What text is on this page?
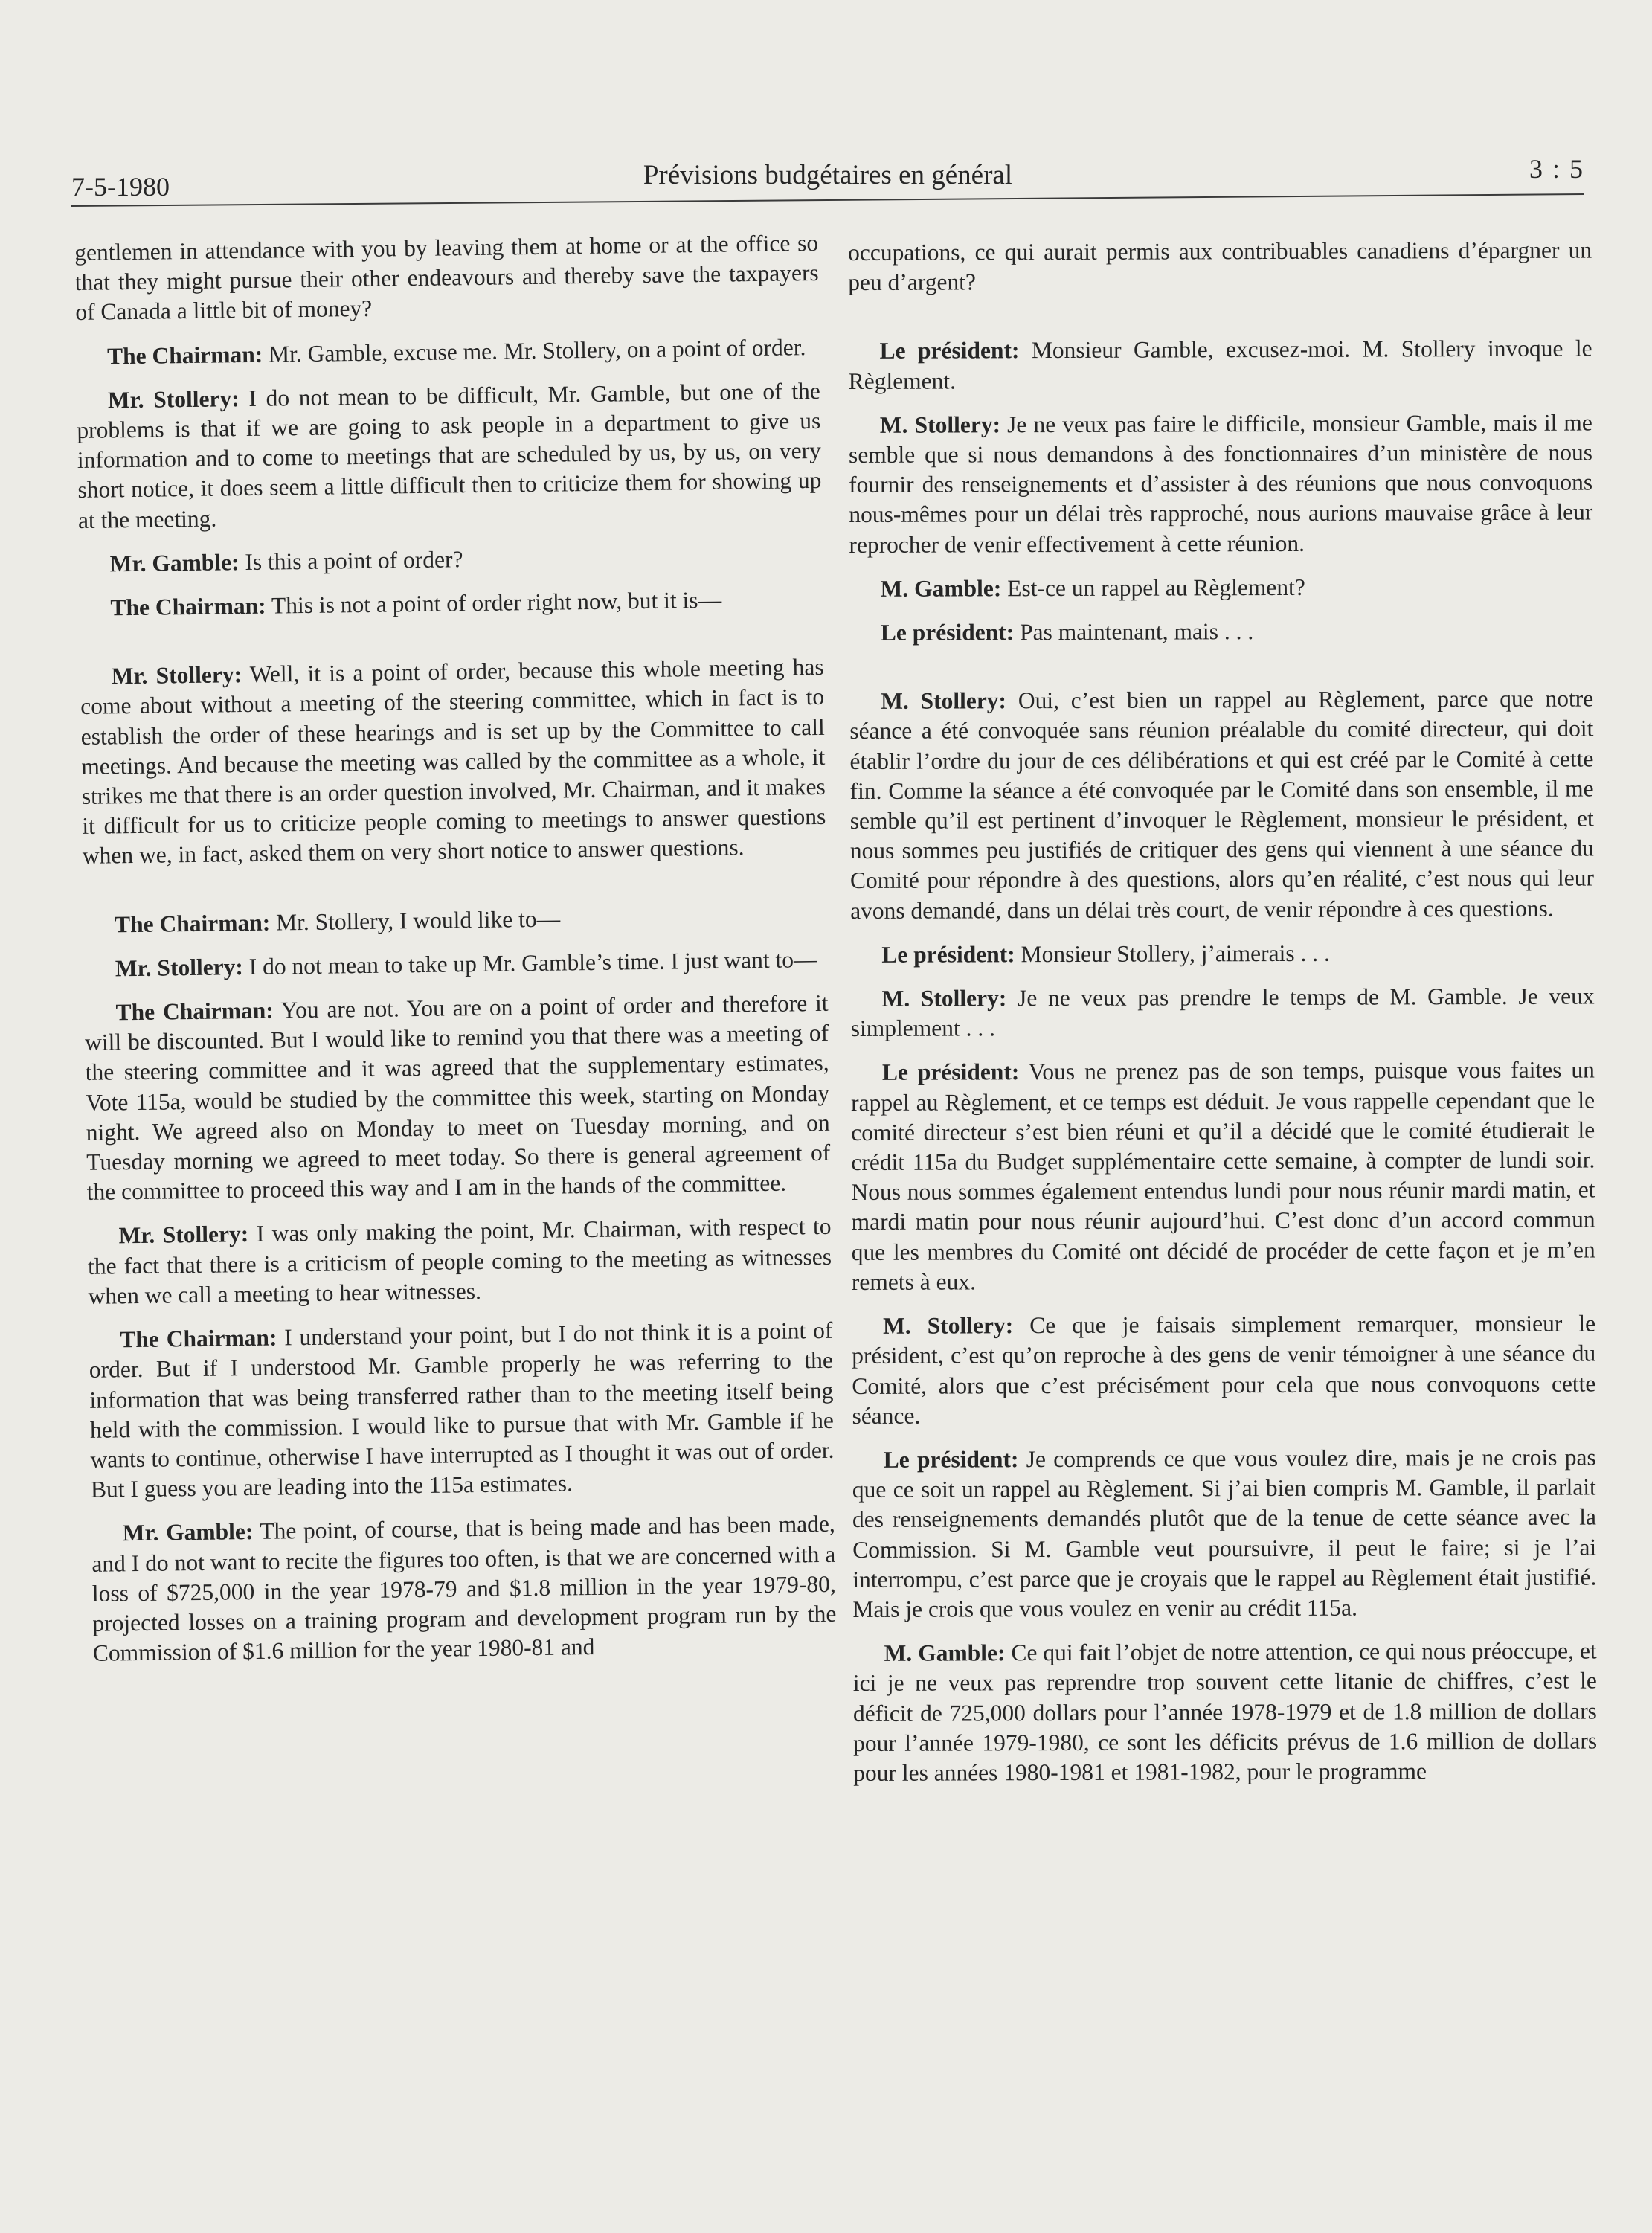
7-5-1980	Prévisions budgétaires en général	3 : 5

gentlemen in attendance with you by leaving them at home or at the office so that they might pursue their other endeavours and thereby save the taxpayers of Canada a little bit of money?

The Chairman: Mr. Gamble, excuse me. Mr. Stollery, on a point of order.

Mr. Stollery: I do not mean to be difficult, Mr. Gamble, but one of the problems is that if we are going to ask people in a department to give us information and to come to meetings that are scheduled by us, by us, on very short notice, it does seem a little difficult then to criticize them for showing up at the meeting.

Mr. Gamble: Is this a point of order?

The Chairman: This is not a point of order right now, but it is—

Mr. Stollery: Well, it is a point of order, because this whole meeting has come about without a meeting of the steering committee, which in fact is to establish the order of these hearings and is set up by the Committee to call meetings. And because the meeting was called by the committee as a whole, it strikes me that there is an order question involved, Mr. Chairman, and it makes it difficult for us to criticize people coming to meetings to answer questions when we, in fact, asked them on very short notice to answer questions.

The Chairman: Mr. Stollery, I would like to—

Mr. Stollery: I do not mean to take up Mr. Gamble’s time. I just want to—

The Chairman: You are not. You are on a point of order and therefore it will be discounted. But I would like to remind you that there was a meeting of the steering committee and it was agreed that the supplementary estimates, Vote 115a, would be studied by the committee this week, starting on Monday night. We agreed also on Monday to meet on Tuesday morning, and on Tuesday morning we agreed to meet today. So there is general agreement of the committee to proceed this way and I am in the hands of the committee.

Mr. Stollery: I was only making the point, Mr. Chairman, with respect to the fact that there is a criticism of people coming to the meeting as witnesses when we call a meeting to hear witnesses.

The Chairman: I understand your point, but I do not think it is a point of order. But if I understood Mr. Gamble properly he was referring to the information that was being transferred rather than to the meeting itself being held with the commission. I would like to pursue that with Mr. Gamble if he wants to continue, otherwise I have interrupted as I thought it was out of order. But I guess you are leading into the 115a estimates.

Mr. Gamble: The point, of course, that is being made and has been made, and I do not want to recite the figures too often, is that we are concerned with a loss of $725,000 in the year 1978-79 and $1.8 million in the year 1979-80, projected losses on a training program and development program run by the Commission of $1.6 million for the year 1980-81 and

occupations, ce qui aurait permis aux contribuables canadiens d’épargner un peu d’argent?

Le président: Monsieur Gamble, excusez-moi. M. Stollery invoque le Règlement.

M. Stollery: Je ne veux pas faire le difficile, monsieur Gamble, mais il me semble que si nous demandons à des fonctionnaires d’un ministère de nous fournir des renseignements et d’assister à des réunions que nous convoquons nous-mêmes pour un délai très rapproché, nous aurions mauvaise grâce à leur reprocher de venir effectivement à cette réunion.

M. Gamble: Est-ce un rappel au Règlement?

Le président: Pas maintenant, mais . . .

M. Stollery: Oui, c’est bien un rappel au Règlement, parce que notre séance a été convoquée sans réunion préalable du comité directeur, qui doit établir l’ordre du jour de ces délibérations et qui est créé par le Comité à cette fin. Comme la séance a été convoquée par le Comité dans son ensemble, il me semble qu’il est pertinent d’invoquer le Règlement, monsieur le président, et nous sommes peu justifiés de critiquer des gens qui viennent à une séance du Comité pour répondre à des questions, alors qu’en réalité, c’est nous qui leur avons demandé, dans un délai très court, de venir répondre à ces questions.

Le président: Monsieur Stollery, j’aimerais . . .

M. Stollery: Je ne veux pas prendre le temps de M. Gamble. Je veux simplement . . .

Le président: Vous ne prenez pas de son temps, puisque vous faites un rappel au Règlement, et ce temps est déduit. Je vous rappelle cependant que le comité directeur s’est bien réuni et qu’il a décidé que le comité étudierait le crédit 115a du Budget supplémentaire cette semaine, à compter de lundi soir. Nous nous sommes également entendus lundi pour nous réunir mardi matin, et mardi matin pour nous réunir aujourd’hui. C’est donc d’un accord commun que les membres du Comité ont décidé de procéder de cette façon et je m’en remets à eux.

M. Stollery: Ce que je faisais simplement remarquer, monsieur le président, c’est qu’on reproche à des gens de venir témoigner à une séance du Comité, alors que c’est précisément pour cela que nous convoquons cette séance.

Le président: Je comprends ce que vous voulez dire, mais je ne crois pas que ce soit un rappel au Règlement. Si j’ai bien compris M. Gamble, il parlait des renseignements demandés plutôt que de la tenue de cette séance avec la Commission. Si M. Gamble veut poursuivre, il peut le faire; si je l’ai interrompu, c’est parce que je croyais que le rappel au Règlement était justifié. Mais je crois que vous voulez en venir au crédit 115a.

M. Gamble: Ce qui fait l’objet de notre attention, ce qui nous préoccupe, et ici je ne veux pas reprendre trop souvent cette litanie de chiffres, c’est le déficit de 725,000 dollars pour l’année 1978-1979 et de 1.8 million de dollars pour l’année 1979-1980, ce sont les déficits prévus de 1.6 million de dollars pour les années 1980-1981 et 1981-1982, pour le programme
